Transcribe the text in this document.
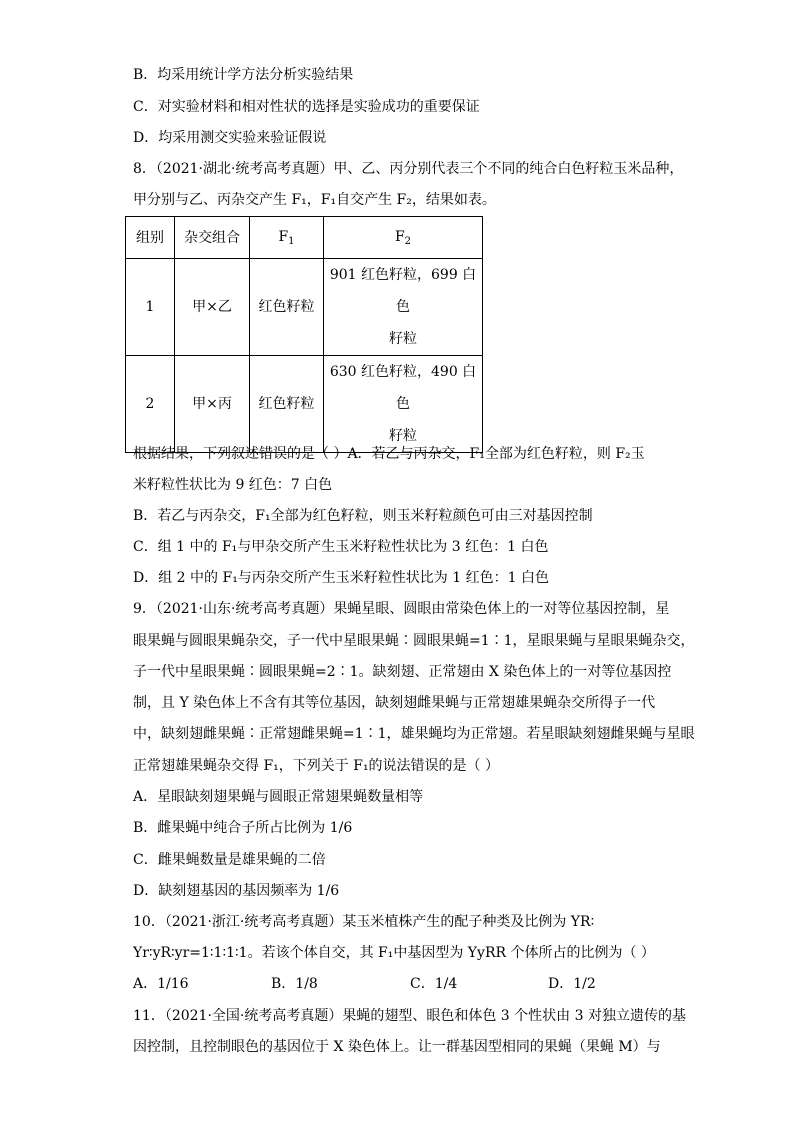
B．均采用统计学方法分析实验结果
C．对实验材料和相对性状的选择是实验成功的重要保证
D．均采用测交实验来验证假说
8．（2021·湖北·统考高考真题）甲、乙、丙分别代表三个不同的纯合白色籽粒玉米品种，
甲分别与乙、丙杂交产生 F₁，F₁自交产生 F₂，结果如表。
组别	杂交组合	$F_1$	$F_2$
1	甲×乙	红色籽粒	901 红色籽粒，699 白色
籽粒

2	甲×丙	红色籽粒	630 红色籽粒，490 白色
籽粒
根据结果，下列叙述错误的是（ ）A．若乙与丙杂交，F₁全部为红色籽粒，则 F₂玉
米籽粒性状比为 9 红色：7 白色
B．若乙与丙杂交，F₁全部为红色籽粒，则玉米籽粒颜色可由三对基因控制
C．组 1 中的 F₁与甲杂交所产生玉米籽粒性状比为 3 红色：1 白色
D．组 2 中的 F₁与丙杂交所产生玉米籽粒性状比为 1 红色：1 白色
9．（2021·山东·统考高考真题）果蝇星眼、圆眼由常染色体上的一对等位基因控制，星
眼果蝇与圆眼果蝇杂交，子一代中星眼果蝇∶圆眼果蝇=1∶1，星眼果蝇与星眼果蝇杂交，
子一代中星眼果蝇∶圆眼果蝇=2∶1。缺刻翅、正常翅由 X 染色体上的一对等位基因控
制，且 Y 染色体上不含有其等位基因，缺刻翅雌果蝇与正常翅雄果蝇杂交所得子一代
中，缺刻翅雌果蝇∶正常翅雌果蝇=1∶1，雄果蝇均为正常翅。若星眼缺刻翅雌果蝇与星眼
正常翅雄果蝇杂交得 F₁，下列关于 F₁的说法错误的是（ ）
A．星眼缺刻翅果蝇与圆眼正常翅果蝇数量相等
B．雌果蝇中纯合子所占比例为 1/6
C．雌果蝇数量是雄果蝇的二倍
D．缺刻翅基因的基因频率为 1/6
10．（2021·浙江·统考高考真题）某玉米植株产生的配子种类及比例为 YR∶
Yr∶yR∶yr=1∶1∶1∶1。若该个体自交，其 F₁中基因型为 YyRR 个体所占的比例为（ ）
A．1/16	B．1/8	C．1/4	D．1/2
11．（2021·全国·统考高考真题）果蝇的翅型、眼色和体色 3 个性状由 3 对独立遗传的基
因控制，且控制眼色的基因位于 X 染色体上。让一群基因型相同的果蝇（果蝇 M）与
